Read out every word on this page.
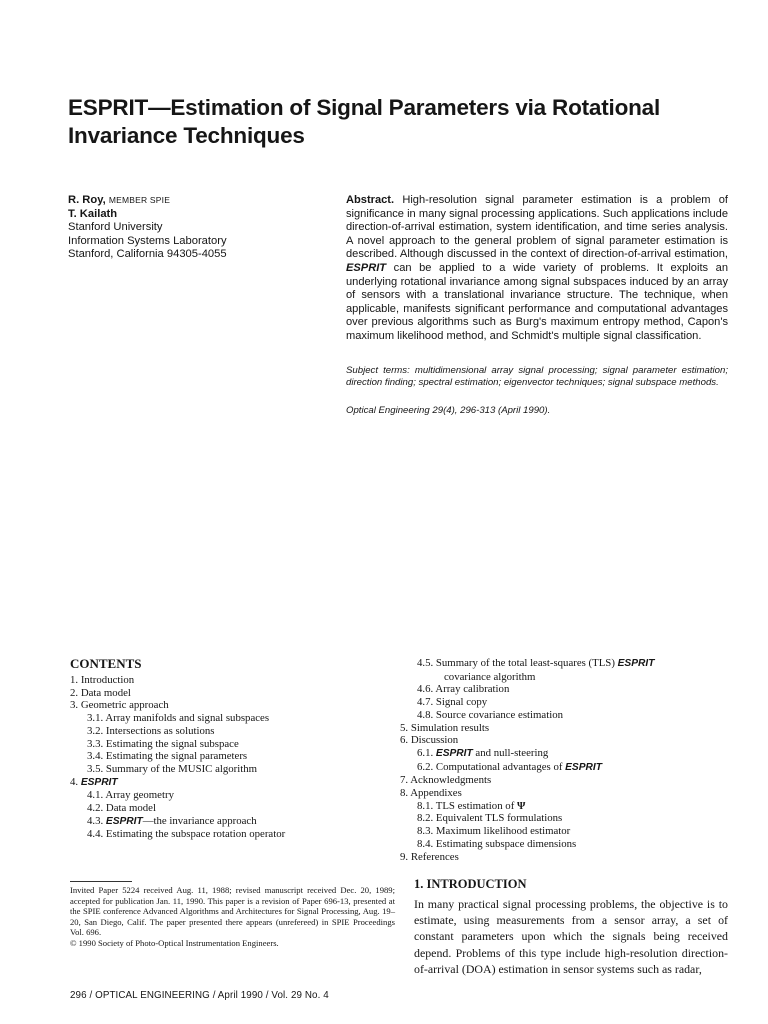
ESPRIT—Estimation of Signal Parameters via Rotational
Invariance Techniques
R. Roy, MEMBER SPIE
T. Kailath
Stanford University
Information Systems Laboratory
Stanford, California 94305-4055
Abstract. High-resolution signal parameter estimation is a problem of significance in many signal processing applications. Such applications include direction-of-arrival estimation, system identification, and time series analysis. A novel approach to the general problem of signal parameter estimation is described. Although discussed in the context of direction-of-arrival estimation, ESPRIT can be applied to a wide variety of problems. It exploits an underlying rotational invariance among signal subspaces induced by an array of sensors with a translational invariance structure. The technique, when applicable, manifests significant performance and computational advantages over previous algorithms such as Burg's maximum entropy method, Capon's maximum likelihood method, and Schmidt's multiple signal classification.
Subject terms: multidimensional array signal processing; signal parameter estimation; direction finding; spectral estimation; eigenvector techniques; signal subspace methods.
Optical Engineering 29(4), 296-313 (April 1990).
CONTENTS
1. Introduction
2. Data model
3. Geometric approach
3.1. Array manifolds and signal subspaces
3.2. Intersections as solutions
3.3. Estimating the signal subspace
3.4. Estimating the signal parameters
3.5. Summary of the MUSIC algorithm
4. ESPRIT
4.1. Array geometry
4.2. Data model
4.3. ESPRIT—the invariance approach
4.4. Estimating the subspace rotation operator
4.5. Summary of the total least-squares (TLS) ESPRIT
covariance algorithm
4.6. Array calibration
4.7. Signal copy
4.8. Source covariance estimation
5. Simulation results
6. Discussion
6.1. ESPRIT and null-steering
6.2. Computational advantages of ESPRIT
7. Acknowledgments
8. Appendixes
8.1. TLS estimation of Ψ
8.2. Equivalent TLS formulations
8.3. Maximum likelihood estimator
8.4. Estimating subspace dimensions
9. References
Invited Paper 5224 received Aug. 11, 1988; revised manuscript received Dec. 20, 1989; accepted for publication Jan. 11, 1990. This paper is a revision of Paper 696-13, presented at the SPIE conference Advanced Algorithms and Architectures for Signal Processing, Aug. 19–20, San Diego, Calif. The paper presented there appears (unrefereed) in SPIE Proceedings Vol. 696.
© 1990 Society of Photo-Optical Instrumentation Engineers.
1. INTRODUCTION
In many practical signal processing problems, the objective is to estimate, using measurements from a sensor array, a set of constant parameters upon which the signals being received depend. Problems of this type include high-resolution direction-of-arrival (DOA) estimation in sensor systems such as radar,
296 / OPTICAL ENGINEERING / April 1990 / Vol. 29 No. 4
